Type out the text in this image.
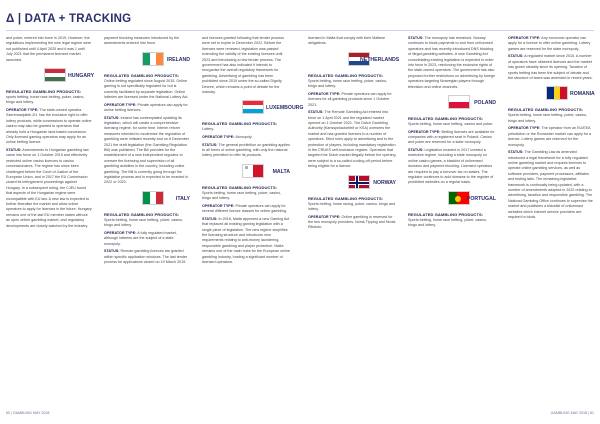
Δ | DATA + TRACKING

and poker, entered into force in 2019. However, the regulations implementing the new legal regime were not published until 4 April 2020 and it was 1 until July 2021 that the permanent licensed market launched.

HUNGARY
REGULATED GAMBLING PRODUCTS:

sports betting, horse race betting, poker, casino, bingo and lottery.

OPERATOR TYPE: The state-owned operator Szerencsejáték Zrt. has the exclusive right to offer lottery products, while concessions to operate online casino may also be granted to operators that already hold a Hungarian land-based concession. Only licensed gaming operators may apply for an online betting licence.

STATUS: Amendments to Hungarian gambling law came into force on 1 October 2015 and effectively restricted online casino licences to casino concessionaires. The regime has since been challenged before the Court of Justice of the European Union, and in 2017 the EU Commission closed its infringement proceedings against Hungary. In a subsequent ruling, the CJEU found that aspects of the Hungarian regime were incompatible with EU law. A new law is expected to further liberalise the market and allow online operators to apply for licences in the future. Hungary remains one of the last EU member states without an open online gambling market, and regulatory developments are closely watched by the industry.

payment blocking measures introduced by the amendments entered into force.

IRELAND
REGULATED GAMBLING PRODUCTS:

Online betting regulated since August 2015. Online gaming is not specifically regulated for but is currently facilitated by separate legislation. Online lotteries are licensed under the National Lottery Act.

OPERATOR TYPE: Private operators can apply for online betting licences.

STATUS: Ireland has contemplated updating its legislation, which will create a comprehensive licensing regime, for some time. Interim reform measures intended to modernise the regulation of gambling were initiated recently and on 6 December 2021 the draft legislation (the Gambling Regulation Bill) was published. The Bill provides for the establishment of a new independent regulator to oversee the licensing and supervision of all gambling activities in the country, including online gambling. The Bill is currently going through the legislative process and is expected to be enacted in 2022 or 2023.

ITALY
REGULATED GAMBLING PRODUCTS:

Sports betting, horse race betting, poker, casino, bingo and lottery.

OPERATOR TYPE: A fully regulated market, although lotteries are the subject of a state monopoly.

STATUS: Remote gambling licences are granted within specific application windows. The last tender process for applications closed on 19 March 2019.

and licences granted following that tender process were set to expire in December 2022. Before the licences were renewed, legislation was passed extending the validity of the existing licences until 2023 and introducing a new tender process. The government has also indicated it intends to reorganise the overall regulatory framework for gambling. Advertising of gambling has been prohibited since 2019 under the so-called Dignity Decree, which remains a point of debate for the industry.

LUXEMBOURG
REGULATED GAMBLING PRODUCTS:

Lottery.

OPERATOR TYPE: Monopoly.

STATUS: The general prohibition on gambling applies to all forms of online gambling, with only the national lottery permitted to offer its products.

MALTA
REGULATED GAMBLING PRODUCTS:

Sports betting, horse race betting, poker, casino, bingo and lottery.

OPERATOR TYPE: Private operators can apply for several different licence classes for online gambling.

STATUS: In 2018, Malta approved a new Gaming Act that replaced all existing gaming legislation with a single piece of legislation. The new regime simplifies the licensing structure and introduces new requirements relating to anti-money laundering, responsible gambling and player protection. Malta remains one of the main hubs for the European online gambling industry, hosting a significant number of licensed operators.

licensed in Malta that comply with their Maltese obligations.

NETHERLANDS
REGULATED GAMBLING PRODUCTS:

Sports betting, horse race betting, poker, casino, bingo and lottery.

OPERATOR TYPE: Private operators can apply for licences for all gambling products since 1 October 2021.

STATUS: The Remote Gambling Act entered into force on 1 April 2021 and the regulated market opened on 1 October 2021. The Dutch Gambling Authority (Kansspelautoriteit or KSA) oversees the market and has granted licences to a number of operators. Strict rules apply to advertising and to the protection of players, including mandatory registration in the CRUKS self-exclusion register. Operators that targeted the Dutch market illegally before the opening were subject to a so-called cooling-off period before being eligible for a licence.

NORWAY
REGULATED GAMBLING PRODUCTS:

Sports betting, horse racing, poker, casino, bingo and lottery.

OPERATOR TYPE: Online gambling is reserved for the two monopoly providers, Norsk Tipping and Norsk Rikstoto.

STATUS: The monopoly has remained. Norway continues to block payments to and from unlicensed operators and has recently introduced DNS blocking of illegal gambling websites. A new Gambling Act consolidating existing legislation is expected to enter into force in 2023, reinforcing the exclusive rights of the state-owned operators. The government has also proposed further restrictions on advertising by foreign operators targeting Norwegian players through television and online channels.

POLAND
REGULATED GAMBLING PRODUCTS:

Sports betting, horse race betting, casino and poker.

OPERATOR TYPE: Betting licences are available for companies with a registered seat in Poland. Casino and poker are reserved for a state monopoly.

STATUS: Legislation enacted in 2017 created a restrictive regime, including a state monopoly on online casino games, a blacklist of unlicensed domains and payment blocking. Licensed operators are required to pay a turnover tax on stakes. The regulator continues to add domains to the register of prohibited websites on a regular basis.

PORTUGAL
REGULATED GAMBLING PRODUCTS:

Sports betting, horse race betting, poker, casino, bingo and lottery.

OPERATOR TYPE: Any economic operator can apply for a licence to offer online gambling. Lottery games are reserved for the state monopoly.

STATUS: A regulated market since 2015. A number of operators have obtained licences and the market has grown steadily since its opening. Taxation of sports betting has been the subject of debate and the structure of taxes was amended in recent years.

ROMANIA
REGULATED GAMBLING PRODUCTS:

Sports betting, horse race betting, poker, casino, bingo and lottery.

OPERATOR TYPE: The operator from an EU/EEA jurisdiction or the Romanian market can apply for a licence. Lottery games are reserved for the monopoly.

STATUS: The Gambling Law as amended introduced a legal framework for a fully regulated online gambling market and requires licences to operate online gambling services, as well as software providers, payment processors, affiliates and testing labs. The remaining legislative framework is continually being updated, with a number of amendments adopted in 2022 relating to advertising, taxation and responsible gambling. The National Gambling Office continues to supervise the market and publishes a blacklist of unlicensed websites which internet service providers are required to block.

60 | GAMBLING MAY 2018	GAMBLING MAY 2018 | 61
